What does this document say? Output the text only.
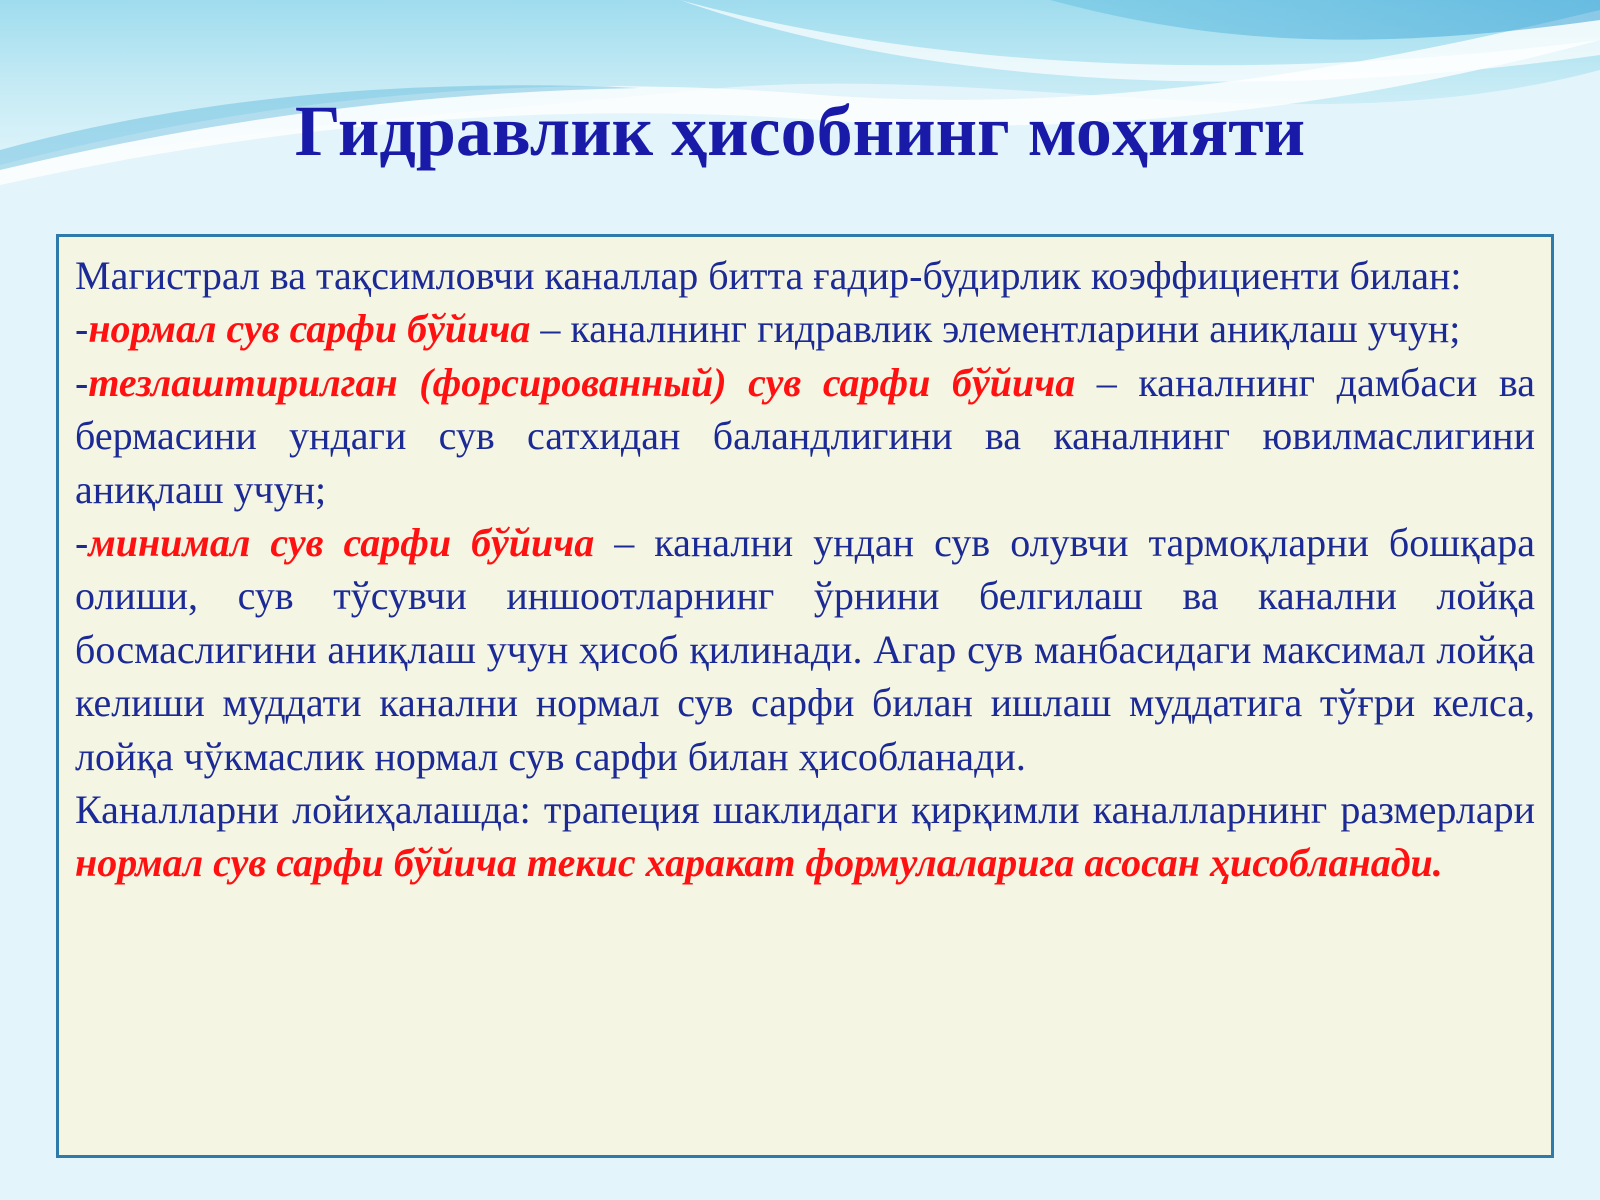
Гидравлик ҳисобнинг моҳияти

Магистрал ва тақсимловчи каналлар битта ғадир-будирлик коэффициенти билан:

-нормал сув сарфи бўйича – каналнинг гидравлик элементларини аниқлаш учун;

-тезлаштирилган (форсированный) сув сарфи бўйича – каналнинг дамбаси ва бермасини ундаги сув сатхидан баландлигини ва каналнинг ювилмаслигини аниқлаш учун;

-минимал сув сарфи бўйича – канални ундан сув олувчи тармоқларни бошқара олиши, сув тўсувчи иншоотларнинг ўрнини белгилаш ва канални лойқа босмаслигини аниқлаш учун ҳисоб қилинади. Агар сув манбасидаги максимал лойқа келиши муддати канални нормал сув сарфи билан ишлаш муддатига тўғри келса, лойқа чўкмаслик нормал сув сарфи билан ҳисобланади.

Каналларни лойиҳалашда: трапеция шаклидаги қирқимли каналларнинг размерлари нормал сув сарфи бўйича текис харакат формулаларига асосан ҳисобланади.
